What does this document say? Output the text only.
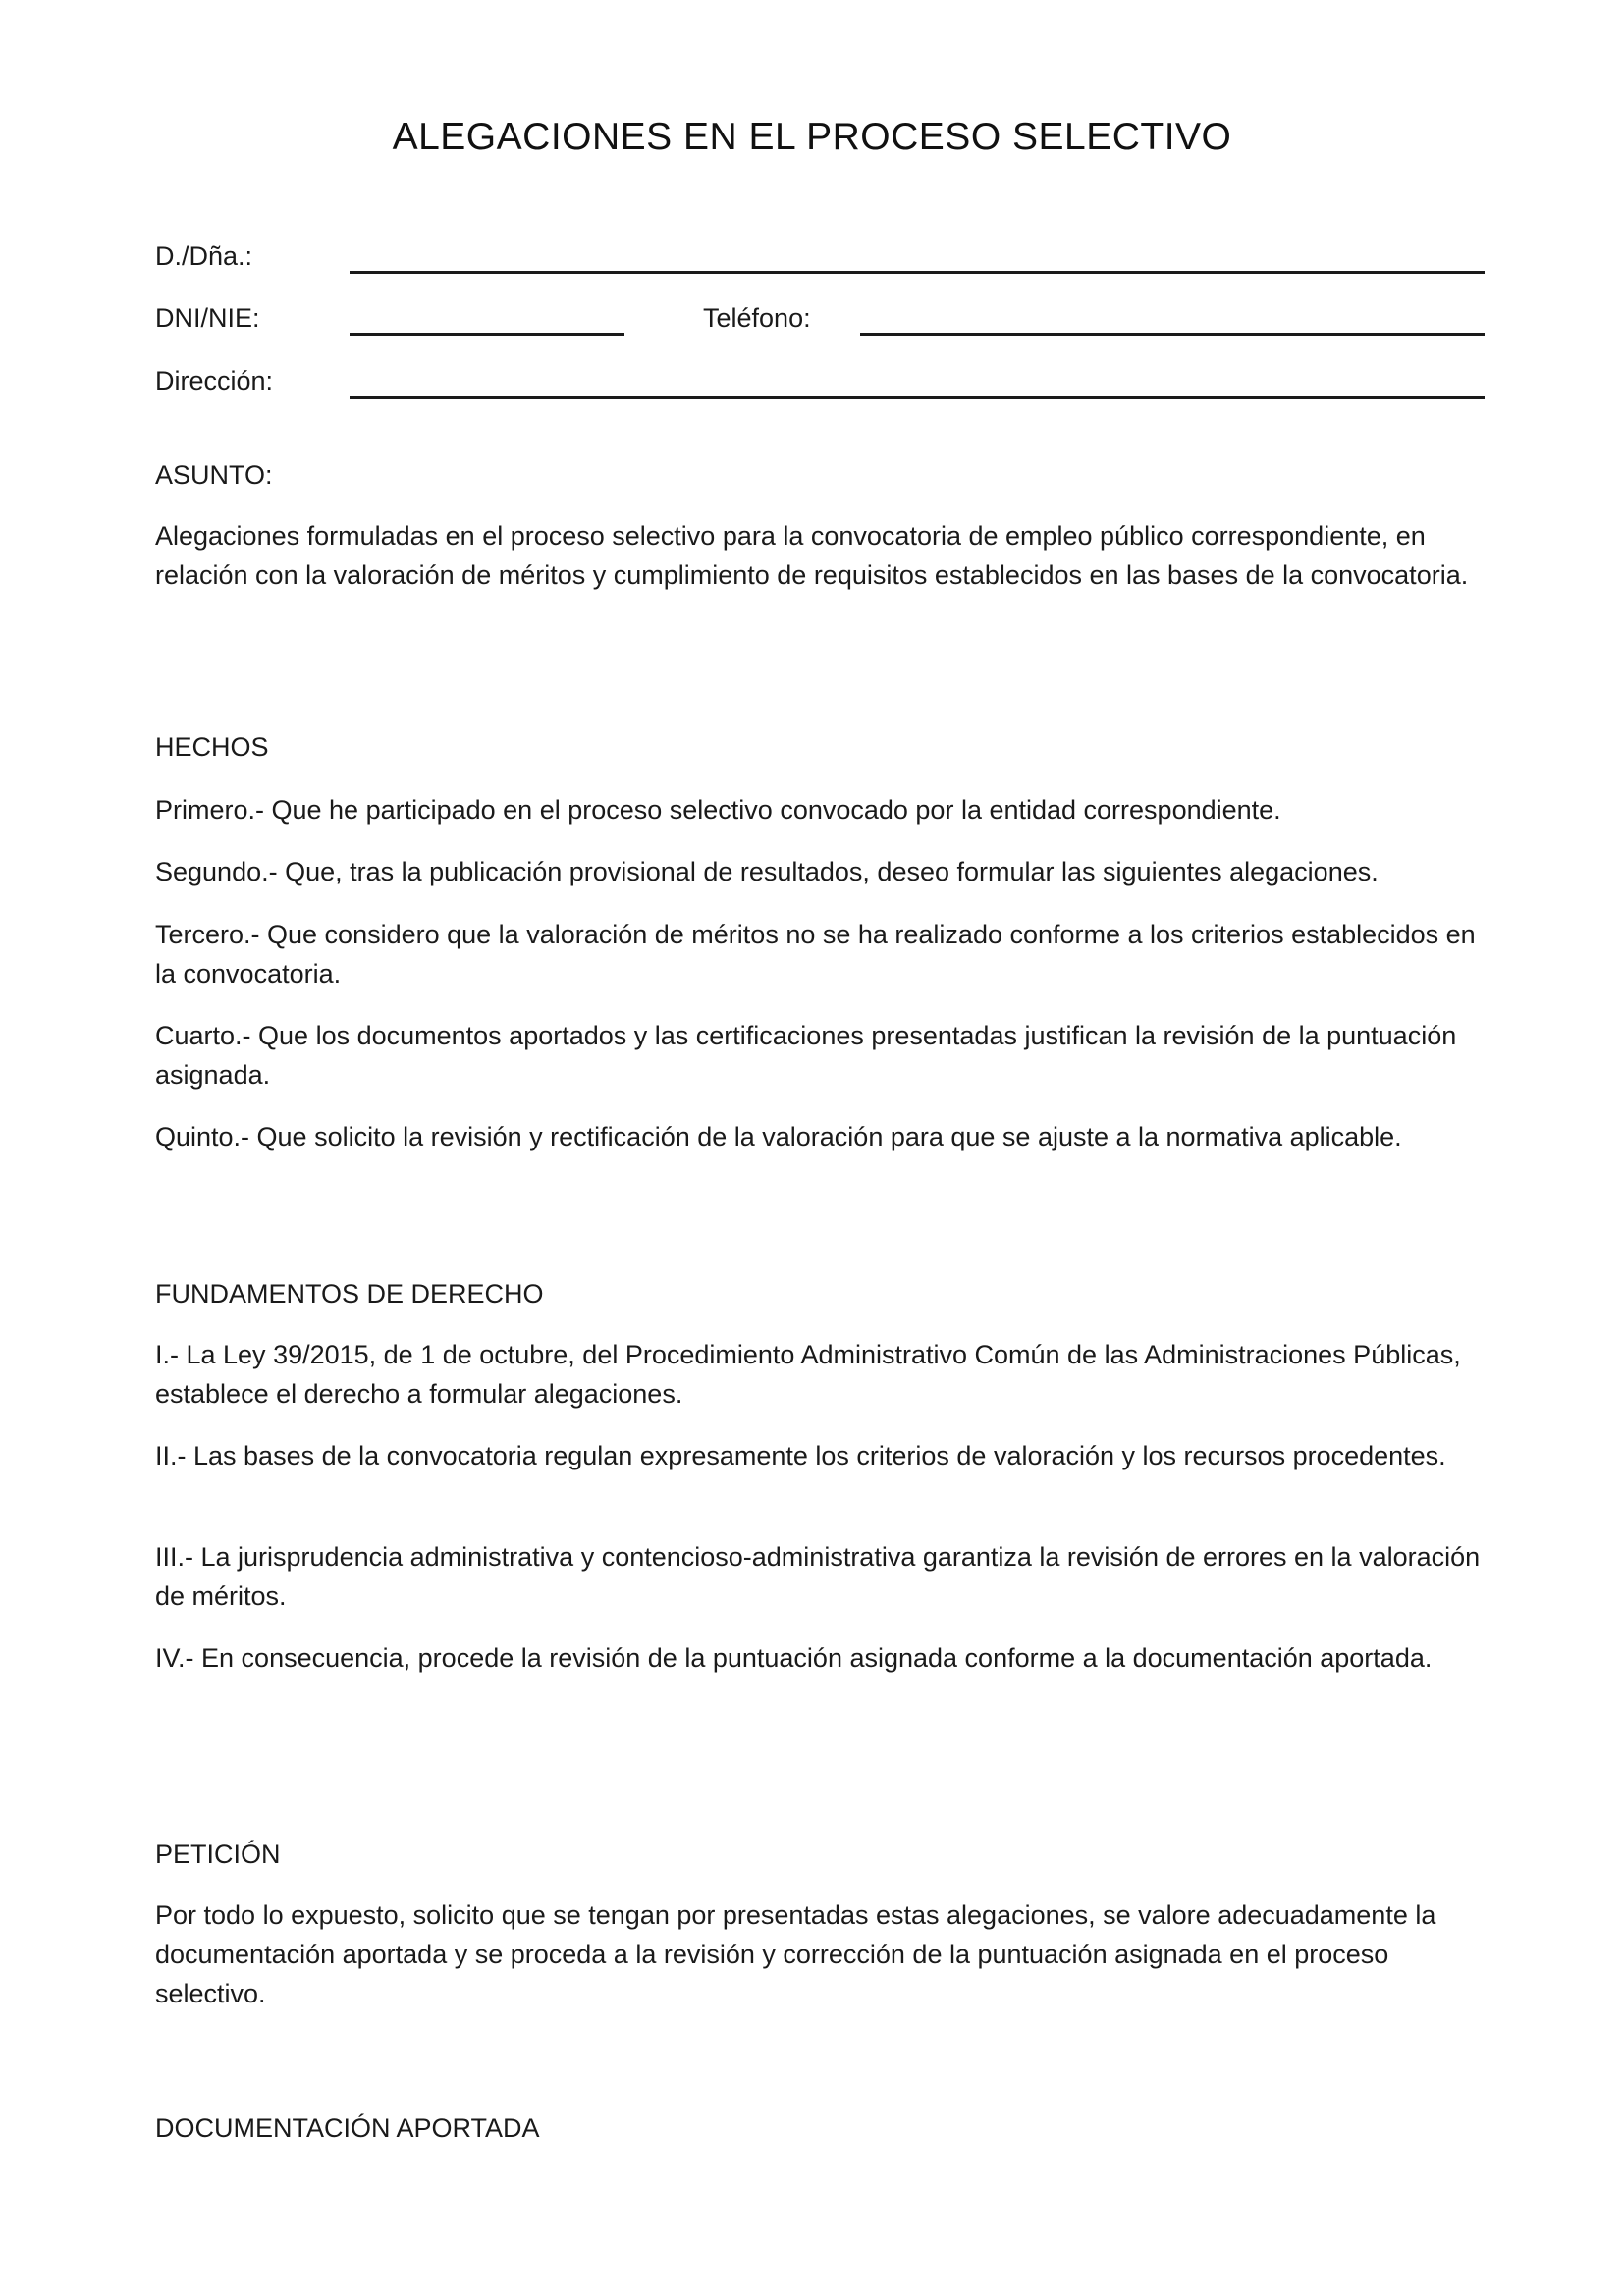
ALEGACIONES EN EL PROCESO SELECTIVO
D./Dña.:
DNI/NIE:	Teléfono:
Dirección:
ASUNTO:

Alegaciones formuladas en el proceso selectivo para la convocatoria de empleo público correspondiente, en relación con la valoración de méritos y cumplimiento de requisitos establecidos en las bases de la convocatoria.

HECHOS

Primero.- Que he participado en el proceso selectivo convocado por la entidad correspondiente.

Segundo.- Que, tras la publicación provisional de resultados, deseo formular las siguientes alegaciones.

Tercero.- Que considero que la valoración de méritos no se ha realizado conforme a los criterios establecidos en la convocatoria.

Cuarto.- Que los documentos aportados y las certificaciones presentadas justifican la revisión de la puntuación asignada.

Quinto.- Que solicito la revisión y rectificación de la valoración para que se ajuste a la normativa aplicable.

FUNDAMENTOS DE DERECHO

I.- La Ley 39/2015, de 1 de octubre, del Procedimiento Administrativo Común de las Administraciones Públicas, establece el derecho a formular alegaciones.

II.- Las bases de la convocatoria regulan expresamente los criterios de valoración y los recursos procedentes.

III.- La jurisprudencia administrativa y contencioso-administrativa garantiza la revisión de errores en la valoración de méritos.

IV.- En consecuencia, procede la revisión de la puntuación asignada conforme a la documentación aportada.

PETICIÓN

Por todo lo expuesto, solicito que se tengan por presentadas estas alegaciones, se valore adecuadamente la documentación aportada y se proceda a la revisión y corrección de la puntuación asignada en el proceso selectivo.

DOCUMENTACIÓN APORTADA
